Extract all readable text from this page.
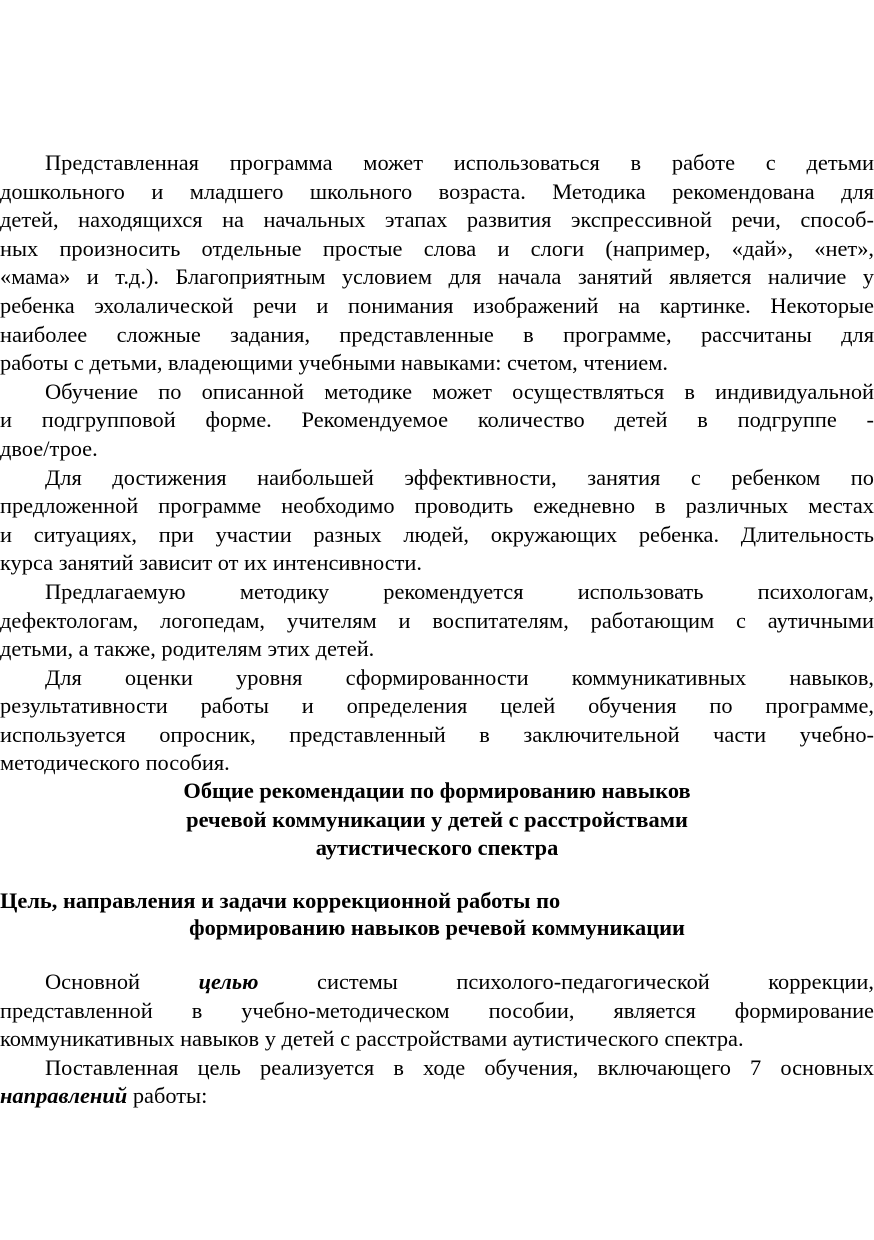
Представленная программа может использоваться в работе с детьми
дошкольного и младшего школьного возраста. Методика рекомендована для
детей, находящихся на начальных этапах развития экспрессивной речи, способ-
ных произносить отдельные простые слова и слоги (например, «дай», «нет»,
«мама» и т.д.). Благоприятным условием для начала занятий является наличие у
ребенка эхолалической речи и понимания изображений на картинке. Некоторые
наиболее сложные задания, представленные в программе, рассчитаны для
работы с детьми, владеющими учебными навыками: счетом, чтением.
Обучение по описанной методике может осуществляться в индивидуальной
и подгрупповой форме. Рекомендуемое количество детей в подгруппе -
двое/трое.
Для достижения наибольшей эффективности, занятия с ребенком по
предложенной программе необходимо проводить ежедневно в различных местах
и ситуациях, при участии разных людей, окружающих ребенка. Длительность
курса занятий зависит от их интенсивности.
Предлагаемую методику рекомендуется использовать психологам,
дефектологам, логопедам, учителям и воспитателям, работающим с аутичными
детьми, а также, родителям этих детей.
Для оценки уровня сформированности коммуникативных навыков,
результативности работы и определения целей обучения по программе,
используется опросник, представленный в заключительной части учебно-
методического пособия.
Общие рекомендации по формированию навыков
речевой коммуникации у детей с расстройствами
аутистического спектра
Цель, направления и задачи коррекционной работы по
формированию навыков речевой коммуникации
Основной целью системы психолого-педагогической коррекции,
представленной в учебно-методическом пособии, является формирование
коммуникативных навыков у детей с расстройствами аутистического спектра.
Поставленная цель реализуется в ходе обучения, включающего 7 основных
направлений работы:
